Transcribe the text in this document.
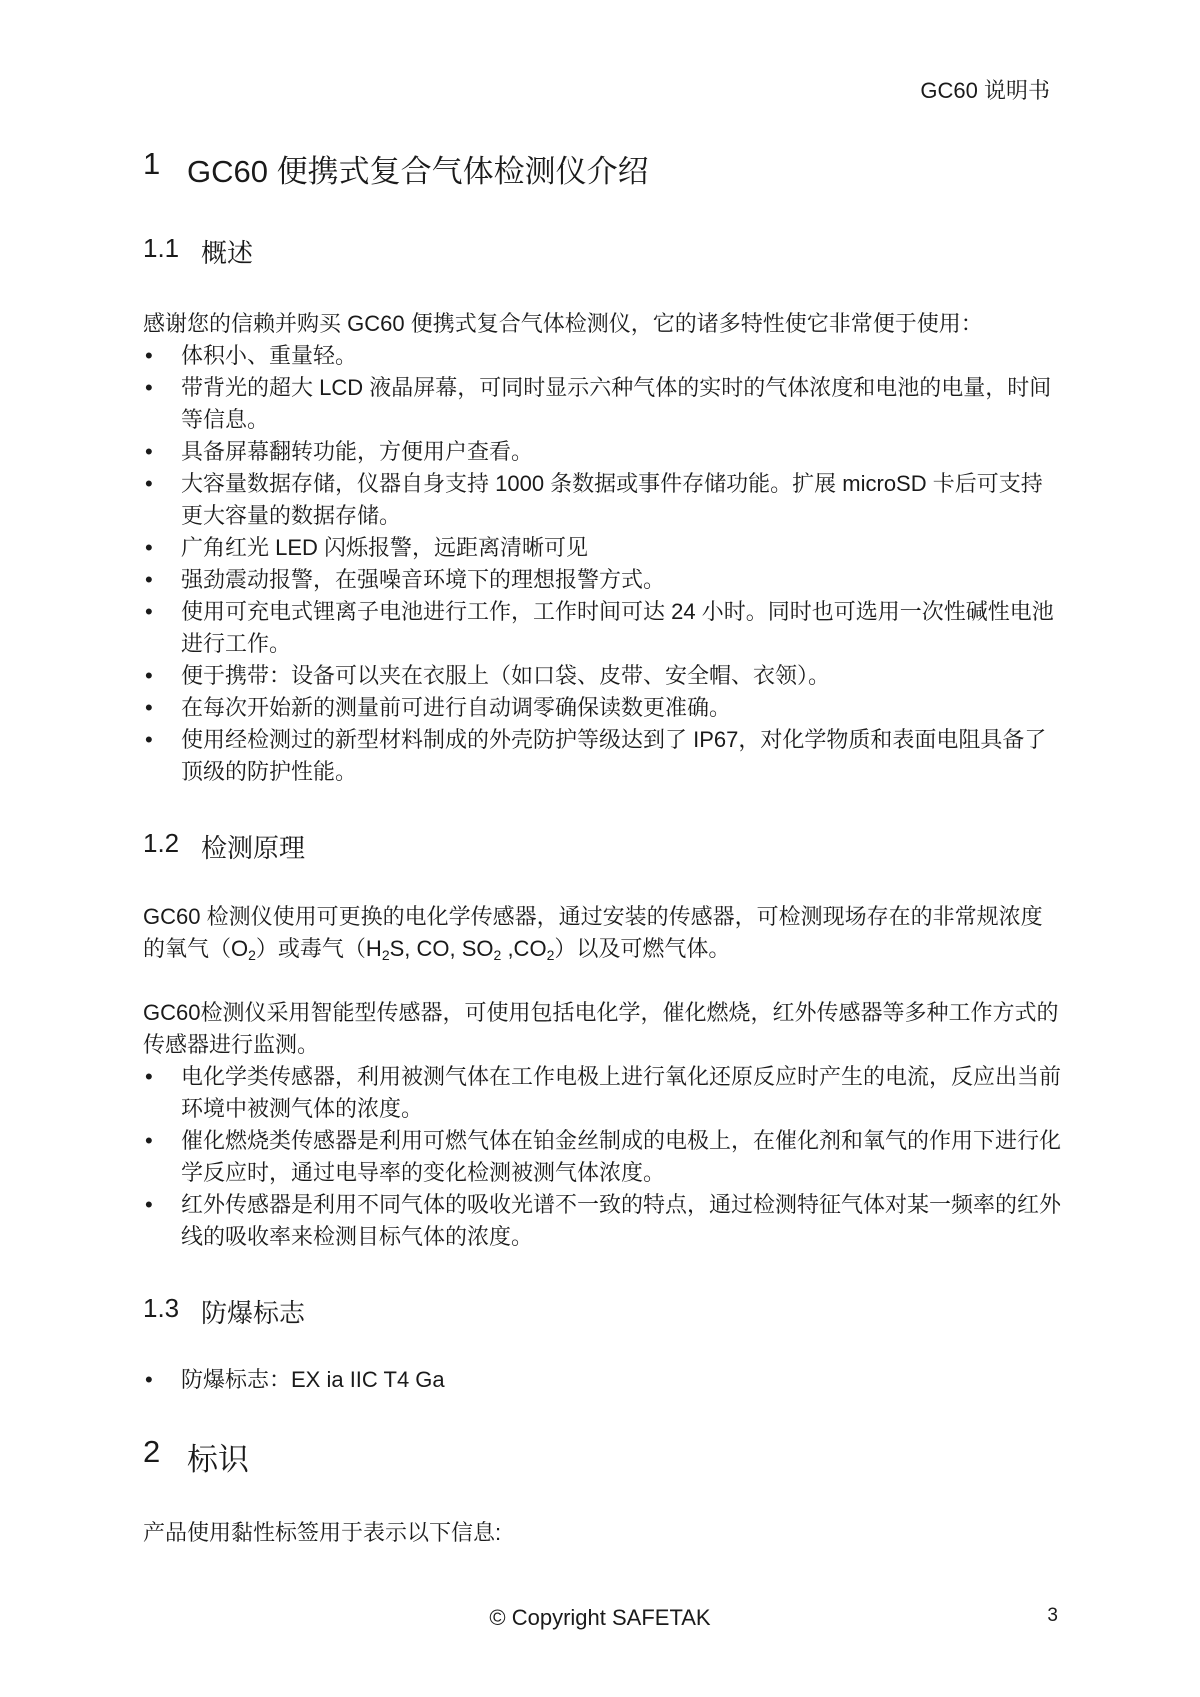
GC60 说明书
1 GC60 便携式复合气体检测仪介绍
1.1 概述

感谢您的信赖并购买 GC60 便携式复合气体检测仪，它的诸多特性使它非常便于使用：

• 体积小、重量轻。
• 带背光的超大 LCD 液晶屏幕，可同时显示六种气体的实时的气体浓度和电池的电量，时间等信息。
• 具备屏幕翻转功能，方便用户查看。
• 大容量数据存储，仪器自身支持 1000 条数据或事件存储功能。扩展 microSD 卡后可支持更大容量的数据存储。
• 广角红光 LED 闪烁报警，远距离清晰可见
• 强劲震动报警，在强噪音环境下的理想报警方式。
• 使用可充电式锂离子电池进行工作，工作时间可达 24 小时。同时也可选用一次性碱性电池进行工作。
• 便于携带：设备可以夹在衣服上（如口袋、皮带、安全帽、衣领）。
• 在每次开始新的测量前可进行自动调零确保读数更准确。
• 使用经检测过的新型材料制成的外壳防护等级达到了 IP67，对化学物质和表面电阻具备了顶级的防护性能。
1.2 检测原理

GC60 检测仪使用可更换的电化学传感器，通过安装的传感器，可检测现场存在的非常规浓度的氧气$(O_2)$或毒气（$H_2S$, CO, $SO_2$ $,CO_2$）以及可燃气体。

GC60检测仪采用智能型传感器，可使用包括电化学，催化燃烧，红外传感器等多种工作方式的传感器进行监测。

• 电化学类传感器，利用被测气体在工作电极上进行氧化还原反应时产生的电流，反应出当前环境中被测气体的浓度。
• 催化燃烧类传感器是利用可燃气体在铂金丝制成的电极上，在催化剂和氧气的作用下进行化学反应时，通过电导率的变化检测被测气体浓度。
• 红外传感器是利用不同气体的吸收光谱不一致的特点，通过检测特征气体对某一频率的红外线的吸收率来检测目标气体的浓度。
1.3 防爆标志
• 防爆标志：EX ia IIC T4 Ga
2 标识

产品使用黏性标签用于表示以下信息:

© Copyright SAFETAK	3
